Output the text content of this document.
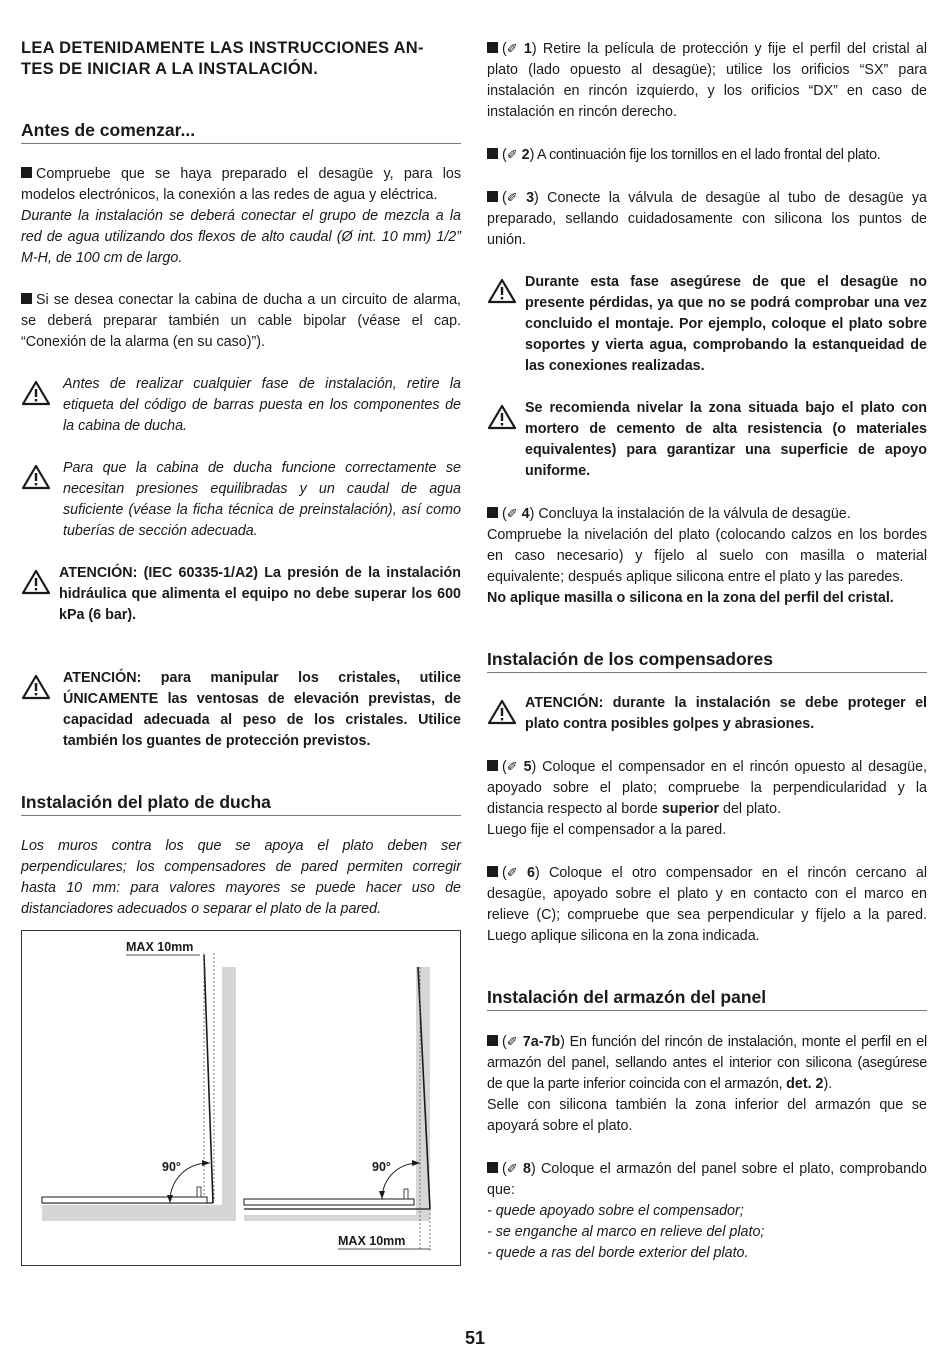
LEA DETENIDAMENTE LAS INSTRUCCIONES AN-

TES DE INICIAR A LA INSTALACIÓN.

Antes de comenzar...

Compruebe que se haya preparado el desagüe y, para los modelos electrónicos, la conexión a las redes de agua y eléctrica.
Durante la instalación se deberá conectar el grupo de mezcla a la red de agua utilizando dos flexos de alto caudal (Ø int. 10 mm) 1/2” M-H, de 100 cm de largo.

Si se desea conectar la cabina de ducha a un circuito de alarma, se deberá preparar también un cable bipolar (véase el cap. “Conexión de la alarma (en su caso)”).

Antes de realizar cualquier fase de instalación, retire la etiqueta del código de barras puesta en los componentes de la cabina de ducha.

Para que la cabina de ducha funcione correctamente se necesitan presiones equilibradas y un caudal de agua suficiente (véase la ficha técnica de preinstalación), así como tuberías de sección adecuada.

ATENCIÓN: (IEC 60335-1/A2) La presión de la instalación hidráulica que alimenta el equipo no debe superar los 600 kPa (6 bar).

ATENCIÓN: para manipular los cristales, utilice ÚNICAMENTE las ventosas de elevación previstas, de capacidad adecuada al peso de los cristales. Utilice también los guantes de protección previstos.

Instalación del plato de ducha

Los muros contra los que se apoya el plato deben ser perpendiculares; los compensadores de pared permiten corregir hasta 10 mm: para valores mayores se puede hacer uso de distanciadores adecuados o separar el plato de la pared.

MAX 10mm
90°
MAX 10mm
90°

(✐ 1) Retire la película de protección y fije el perfil del cristal al plato (lado opuesto al desagüe); utilice los orificios “SX” para instalación en rincón izquierdo, y los orificios “DX” en caso de instalación en rincón derecho.

(✐ 2) A continuación fije los tornillos en el lado frontal del plato.

(✐ 3) Conecte la válvula de desagüe al tubo de desagüe ya preparado, sellando cuidadosamente con silicona los puntos de unión.

Durante esta fase asegúrese de que el desagüe no presente pérdidas, ya que no se podrá comprobar una vez concluido el montaje. Por ejemplo, coloque el plato sobre soportes y vierta agua, comprobando la estanqueidad de las conexiones realizadas.

Se recomienda nivelar la zona situada bajo el plato con mortero de cemento de alta resistencia (o materiales equivalentes) para garantizar una superficie de apoyo uniforme.

(✐ 4) Concluya la instalación de la válvula de desagüe.
Compruebe la nivelación del plato (colocando calzos en los bordes en caso necesario) y fíjelo al suelo con masilla o material equivalente; después aplique silicona entre el plato y las paredes.
No aplique masilla o silicona en la zona del perfil del cristal.

Instalación de los compensadores

ATENCIÓN: durante la instalación se debe proteger el plato contra posibles golpes y abrasiones.

(✐ 5) Coloque el compensador en el rincón opuesto al desagüe, apoyado sobre el plato; compruebe la perpendicularidad y la distancia respecto al borde superior del plato.
Luego fije el compensador a la pared.

(✐ 6) Coloque el otro compensador en el rincón cercano al desagüe, apoyado sobre el plato y en contacto con el marco en relieve (C); compruebe que sea perpendicular y fíjelo a la pared. Luego aplique silicona en la zona indicada.

Instalación del armazón del panel

(✐ 7a-7b) En función del rincón de instalación, monte el perfil en el armazón del panel, sellando antes el interior con silicona (asegúrese de que la parte inferior coincida con el armazón, det. 2).
Selle con silicona también la zona inferior del armazón que se apoyará sobre el plato.

(✐ 8) Coloque el armazón del panel sobre el plato, comprobando que:
- quede apoyado sobre el compensador;
- se enganche al marco en relieve del plato;
- quede a ras del borde exterior del plato.

51
